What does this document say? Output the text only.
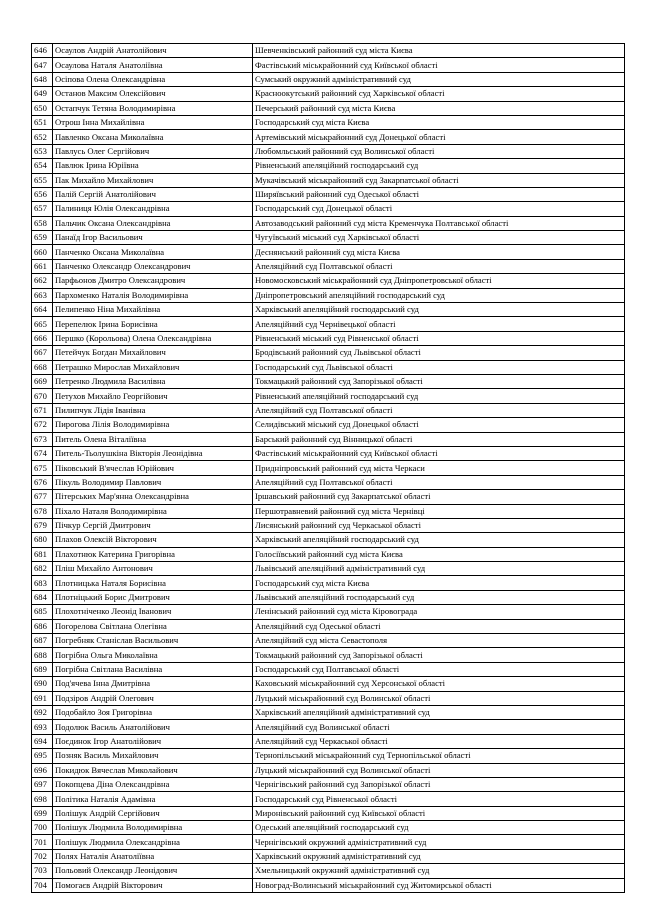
646	Осаулов Андрій Анатолійович	Шевченківський районний суд міста Києва
647	Осаулова Наталя Анатоліївна	Фастівський міськрайонний суд Київської області
648	Осіпова Олена Олександрівна	Сумський окружний адміністративний суд
649	Останов Максим Олексійович	Красноокутський районний суд Харківської області
650	Остапчук Тетяна Володимирівна	Печерський районний суд міста Києва
651	Отрош Інна Михайлівна	Господарський суд міста Києва
652	Павленко Оксана Миколаївна	Артемівський міськрайонний суд Донецької області
653	Павлусь Олег Сергійович	Любомльський районний суд Волинської області
654	Павлюк Ірина Юріївна	Рівненський апеляційний господарський суд
655	Пак Михайло Михайлович	Мукачівський міськрайонний суд Закарпатської області
656	Палій Сергій Анатолійович	Ширяївський районний суд Одеської області
657	Палиниця Юлія Олександрівна	Господарський суд Донецької області
658	Пальчик Оксана Олександрівна	Автозаводський районний суд міста Кременчука Полтавської області
659	Панаїд Ігор Васильович	Чугуївський міський суд Харківської області
660	Панченко Оксана Миколаївна	Деснянський районний суд міста Києва
661	Панченко Олександр Олександрович	Апеляційний суд Полтавської області
662	Парфьонов Дмитро Олександрович	Новомосковський міськрайонний суд Дніпропетровської області
663	Пархоменко Наталія Володимирівна	Дніпропетровський апеляційний господарський суд
664	Пелипенко Ніна Михайлівна	Харківський апеляційний господарський суд
665	Перепелюк Ірина Борисівна	Апеляційний суд Чернівецької області
666	Першко (Корольова) Олена Олександрівна	Рівненський міський суд Рівненської області
667	Петейчук Богдан Михайлович	Бродівський районний суд Львівської області
668	Петрашко Мирослав Михайлович	Господарський суд Львівської області
669	Петренко Людмила Василівна	Токмацький районний суд Запорізької області
670	Петухов Михайло Георгійович	Рівненський апеляційний господарський суд
671	Пилипчук Лідія Іванівна	Апеляційний суд Полтавської області
672	Пирогова Лілія Володимирівна	Селидівський міський суд Донецької області
673	Питель Олена Віталіївна	Барський районний суд Вінницької області
674	Питель-Тьолушкіна Вікторія Леонідівна	Фастівський міськрайонний суд Київської області
675	Піковський В'ячеслав Юрійович	Придніпровський районний суд міста Черкаси
676	Пікуль Володимир Павлович	Апеляційний суд Полтавської області
677	Пітерських Мар'янна Олександрівна	Іршавський районний суд Закарпатської області
678	Піхало Наталя Володимирівна	Першотравневий районний суд міста Чернівці
679	Пічкур Сергій Дмитрович	Лисянський районний суд Черкаської області
680	Плахов Олексій Вікторович	Харківський апеляційний господарський суд
681	Плахотнюк Катерина Григорівна	Голосіївський районний суд міста Києва
682	Пліш Михайло Антонович	Львівський апеляційний адміністративний суд
683	Плотницька Наталя Борисівна	Господарський суд міста Києва
684	Плотніцький Борис Дмитрович	Львівський апеляційний господарський суд
685	Плохотніченко Леонід Іванович	Ленінський районний суд міста Кіровограда
686	Погорелова Світлана Олегівна	Апеляційний суд Одеської області
687	Погребняк Станіслав Васильович	Апеляційний суд міста Севастополя
688	Погрібна Ольга Миколаївна	Токмацький районний суд Запорізької області
689	Погрібна Світлана Василівна	Господарський суд Полтавської області
690	Под'ячева Інна Дмитрівна	Каховський міськрайонний суд Херсонської області
691	Подзіров Андрій Олегович	Луцький міськрайонний суд Волинської області
692	Подобайло Зоя Григорівна	Харківський апеляційний адміністративний суд
693	Подолюк Василь Анатолійович	Апеляційний суд Волинської області
694	Поєдинок Ігор Анатолійович	Апеляційний суд Черкаської області
695	Позняк Василь Михайлович	Тернопільський міськрайонний суд Тернопільської області
696	Покидюк Вячеслав Миколайович	Луцький міськрайонний суд Волинської області
697	Покопцева Діна Олександрівна	Чернігівський районний суд Запорізької області
698	Політика Наталія Адамівна	Господарський суд Рівненської області
699	Полішук Андрій Сергійович	Миронівський районний суд Київської області
700	Полішук Людмила Володимирівна	Одеський апеляційний господарський суд
701	Полішук Людмила Олександрівна	Чернігівський окружний адміністративний суд
702	Полях Наталія Анатоліївна	Харківський окружний адміністративний суд
703	Польовий Олександр Леонідович	Хмельницький окружний адміністративний суд
704	Помогаєв Андрій Вікторович	Новоград-Волинський міськрайонний суд Житомирської області
